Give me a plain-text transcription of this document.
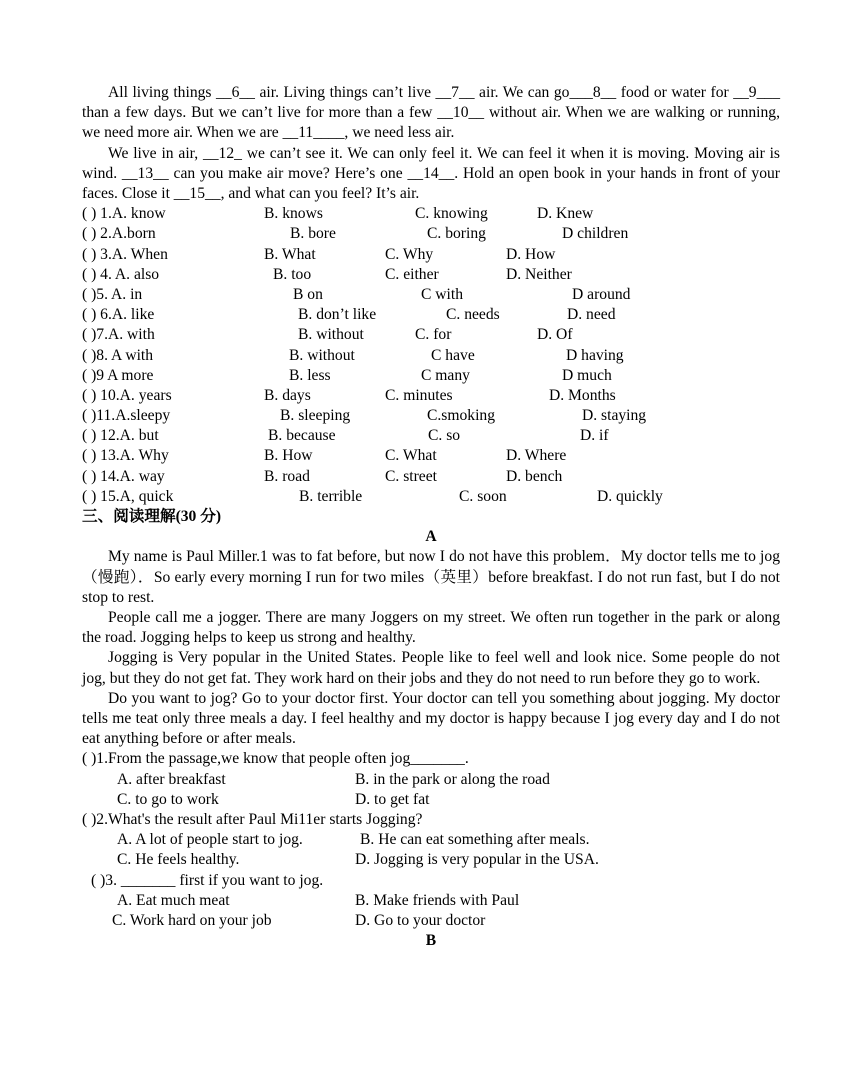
All living things __6__ air. Living things can’t live __7__ air. We can go___8__ food or water for __9___ than a few days. But we can’t live for more than a few __10__ without air. When we are walking or running, we need more air. When we are __11____, we need less air.

We live in air, __12_ we can’t see it. We can only feel it. We can feel it when it is moving. Moving air is wind. __13__ can you make air move? Here’s one __14__. Hold an open book in your hands in front of your faces. Close it __15__, and what can you feel? It’s air.

( ) 1.A. know	B. knows	C. knowing	D. Knew
( ) 2.A.born	B. bore	C. boring	D children
( ) 3.A. When	B. What	C. Why	D. How
( ) 4. A. also	B. too	C. either	D. Neither
( )5. A. in	B on	C with	D around
( ) 6.A. like	B. don’t like	C. needs	D. need
( )7.A. with	B. without	C. for	D. Of
( )8. A with	B. without	C have	D having
( )9 A more	B. less	C many	D much
( ) 10.A. years	B. days	C. minutes	D. Months
( )11.A.sleepy	B. sleeping	C.smoking	D. staying
( ) 12.A. but	B. because	C. so	D. if
( ) 13.A. Why	B. How	C. What	D. Where
( ) 14.A. way	B. road	C. street	D. bench
( ) 15.A, quick	B. terrible	C. soon	D. quickly
三、阅读理解(30 分)
A

My name is Paul Miller.1 was to fat before, but now I do not have this problem．My doctor tells me to jog（慢跑）．So early every morning I run for two miles（英里）before breakfast. I do not run fast, but I do not stop to rest.

People call me a jogger. There are many Joggers on my street. We often run together in the park or along the road. Jogging helps to keep us strong and healthy.

Jogging is Very popular in the United States. People like to feel well and look nice. Some people do not jog, but they do not get fat. They work hard on their jobs and they do not need to run before they go to work.

Do you want to jog? Go to your doctor first. Your doctor can tell you something about jogging. My doctor tells me teat only three meals a day. I feel healthy and my doctor is happy because I jog every day and I do not eat anything before or after meals.

( )1.From the passage,we know that people often jog_______.
A. after breakfast	B. in the park or along the road
C. to go to work	D. to get fat
( )2.What's the result after Paul Mi11er starts Jogging?
A. A lot of people start to jog.	B. He can eat something after meals.
C. He feels healthy.	D. Jogging is very popular in the USA.
( )3. _______ first if you want to jog.
A. Eat much meat	B. Make friends with Paul
C. Work hard on your job	D. Go to your doctor
B
